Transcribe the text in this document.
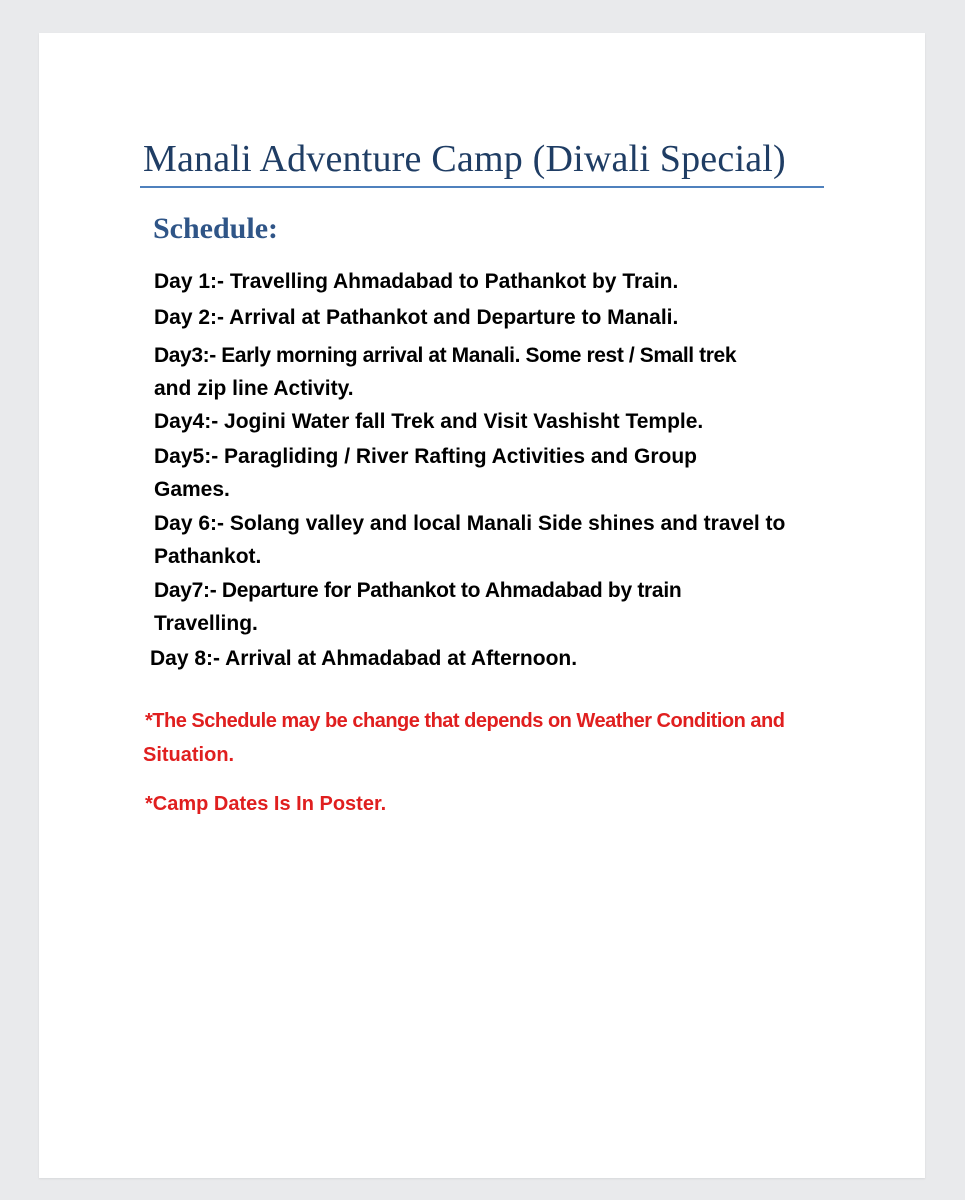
Manali Adventure Camp (Diwali Special)
Schedule:
Day 1:- Travelling Ahmadabad to Pathankot by Train.
Day 2:- Arrival at Pathankot and Departure to Manali.
Day3:- Early morning arrival at Manali. Some rest / Small trek
and zip line Activity.
Day4:- Jogini Water fall Trek and Visit Vashisht Temple.
Day5:- Paragliding / River Rafting Activities and Group
Games.
Day 6:- Solang valley and local Manali Side shines and travel to
Pathankot.
Day7:- Departure for Pathankot to Ahmadabad by train
Travelling.
Day 8:- Arrival at Ahmadabad at Afternoon.
*The Schedule may be change that depends on Weather Condition and
Situation.
*Camp Dates Is In Poster.
